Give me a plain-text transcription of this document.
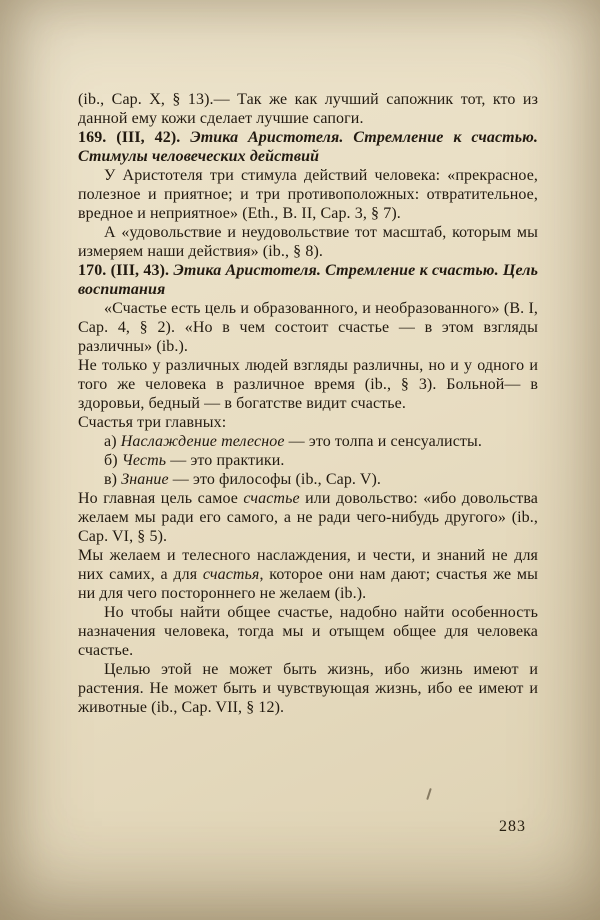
(ib., Cap. X, § 13).— Так же как лучший сапожник тот, кто из данной ему кожи сделает лучшие сапоги.

169. (III, 42). Этика Аристотеля. Стремление к счастью. Стимулы человеческих действий

У Аристотеля три стимула действий человека: «прекрасное, полезное и приятное; и три противоположных: отвратительное, вредное и неприятное» (Eth., B. II, Cap. 3, § 7).

А «удовольствие и неудовольствие тот масштаб, которым мы измеряем наши действия» (ib., § 8).

170. (III, 43). Этика Аристотеля. Стремление к счастью. Цель воспитания

«Счастье есть цель и образованного, и необразованного» (B. I, Cap. 4, § 2). «Но в чем состоит счастье — в этом взгляды различны» (ib.).

Не только у различных людей взгляды различны, но и у одного и того же человека в различное время (ib., § 3). Больной— в здоровьи, бедный — в богатстве видит счастье.

Счастья три главных:

а) Наслаждение телесное — это толпа и сенсуалисты.

б) Честь — это практики.

в) Знание — это философы (ib., Cap. V).

Но главная цель самое счастье или довольство: «ибо довольства желаем мы ради его самого, а не ради чего-нибудь другого» (ib., Cap. VI, § 5).

Мы желаем и телесного наслаждения, и чести, и знаний не для них самих, а для счастья, которое они нам дают; счастья же мы ни для чего постороннего не желаем (ib.).

Но чтобы найти общее счастье, надобно найти особенность назначения человека, тогда мы и отыщем общее для человека счастье.

Целью этой не может быть жизнь, ибо жизнь имеют и растения. Не может быть и чувствующая жизнь, ибо ее имеют и животные (ib., Cap. VII, § 12).

283
